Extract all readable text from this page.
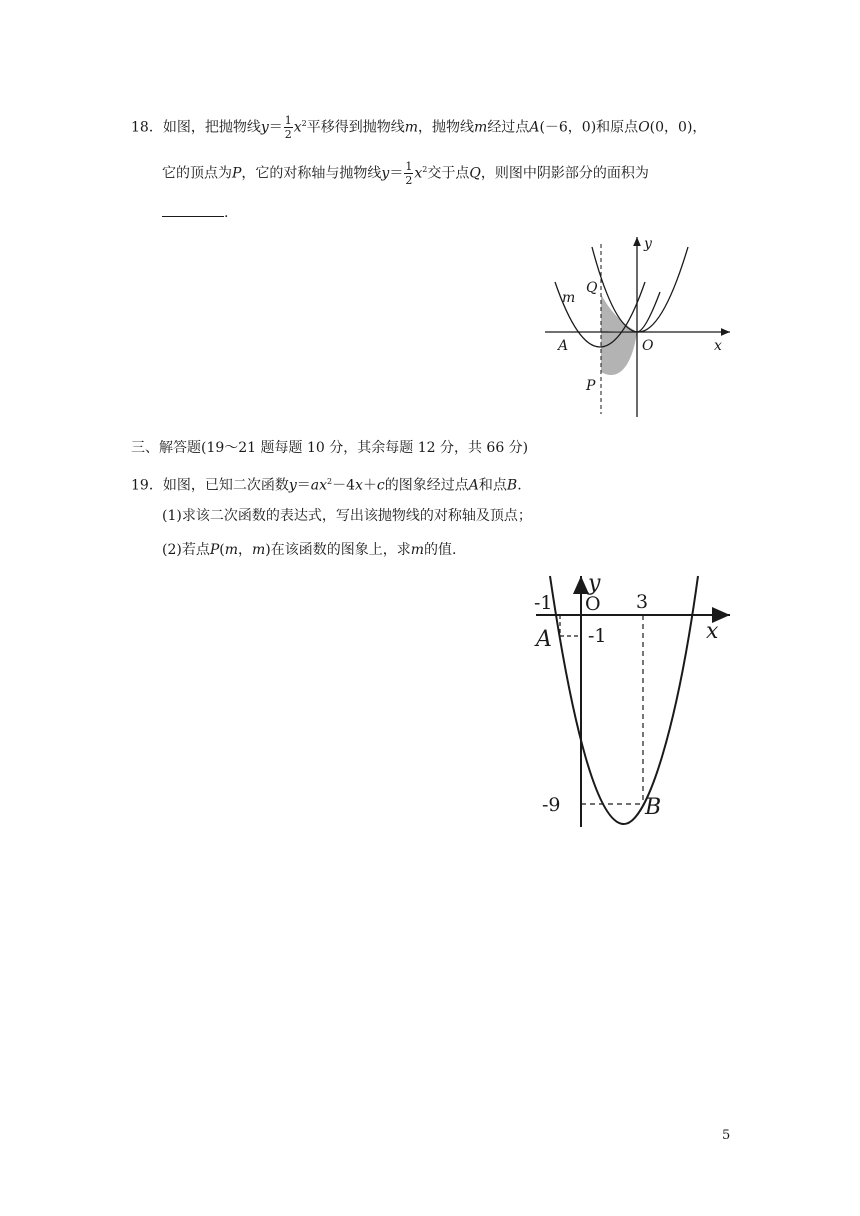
18．如图，把抛物线$y= \frac{1}{2} x^2$平移得到抛物线m，抛物线m经过点A(－6，0)和原点O(0，0)，
它的顶点为P，它的对称轴与抛物线$y= \frac{1}{2} x^2$交于点Q，则图中阴影部分的面积为
.
y
Q
m
A	O	x
P
三、解答题(19～21 题每题 10 分，其余每题 12 分，共 66 分)
19．如图，已知二次函数$y=ax^2-4x+c$的图象经过点A和点B.
(1)求该二次函数的表达式，写出该抛物线的对称轴及顶点；
(2)若点P(m，m)在该函数的图象上，求m的值.
y
-1 O 3
x
A -1
-9	B
5
